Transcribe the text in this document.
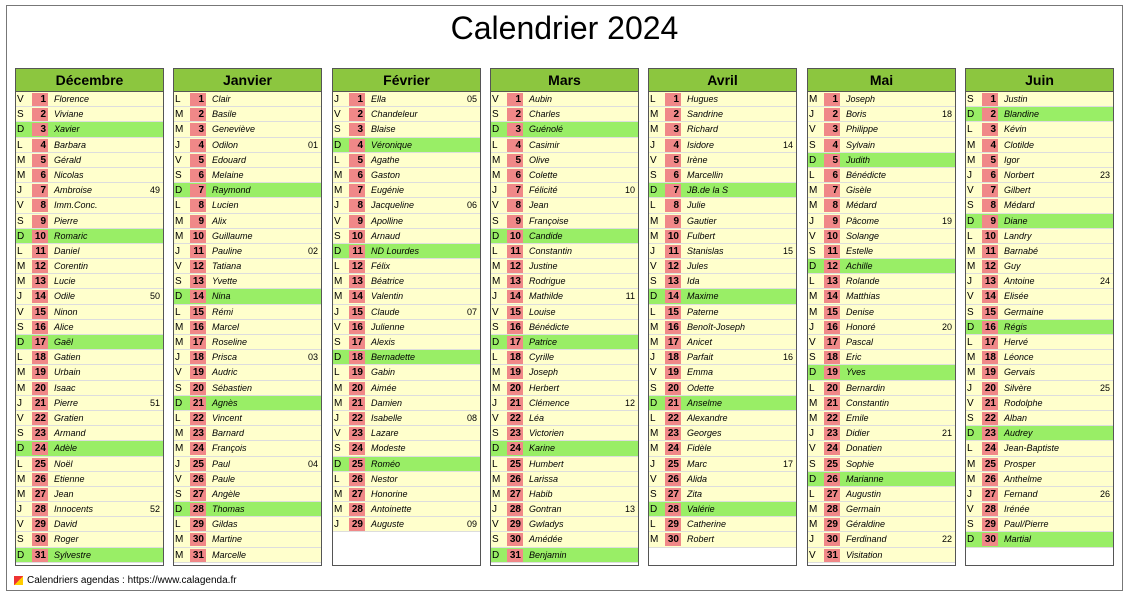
Calendrier 2024
Décembre
V	1 Florence
S	2 Viviane
D	3 Xavier
L	4 Barbara
M	5 Gérald
M	6 Nicolas
J	7 Ambroise	49
V	8 Imm.Conc.
S	9 Pierre
D	10 Romaric
L	11 Daniel
M 12 Corentin
M 13 Lucie
J	14 Odile	50
V	15 Ninon
S	16 Alice
D	17 Gaël
L	18 Gatien
M 19 Urbain
M 20 Isaac
J	21 Pierre	51
V	22 Gratien
S	23 Armand
D	24 Adèle
L	25 Noël
M 26 Etienne
M 27 Jean
J	28 Innocents	52
V	29 David
S	30 Roger
D	31 Sylvestre
Janvier
L	1 Clair
M	2 Basile
M	3 Geneviève
J	4 Odilon	01
V	5 Edouard
S	6 Melaine
D	7 Raymond
L	8 Lucien
M	9 Alix
M 10 Guillaume
J	11 Pauline	02
V	12 Tatiana
S	13 Yvette
D	14 Nina
L	15 Rémi
M 16 Marcel
M 17 Roseline
J	18 Prisca	03
V	19 Audric
S	20 Sébastien
D	21 Agnès
L	22 Vincent
M 23 Barnard
M 24 François
J	25 Paul	04
V	26 Paule
S	27 Angèle
D	28 Thomas
L	29 Gildas
M 30 Martine
M 31 Marcelle
Février
J	1 Ella	05
V	2 Chandeleur
S	3 Blaise
D	4 Véronique
L	5 Agathe
M	6 Gaston
M	7 Eugénie
J	8 Jacqueline	06
V	9 Apolline
S	10 Arnaud
D	11 ND Lourdes
L	12 Félix
M 13 Béatrice
M 14 Valentin
J	15 Claude	07
V	16 Julienne
S	17 Alexis
D	18 Bernadette
L	19 Gabin
M 20 Aimée
M 21 Damien
J	22 Isabelle	08
V	23 Lazare
S	24 Modeste
D	25 Roméo
L	26 Nestor
M 27 Honorine
M 28 Antoinette
J	29 Auguste	09
Mars
V	1 Aubin
S	2 Charles
D	3 Guénolé
L	4 Casimir
M	5 Olive
M	6 Colette
J	7 Félicité	10
V	8 Jean
S	9 Françoise
D	10 Candide
L	11 Constantin
M 12 Justine
M 13 Rodrigue
J	14 Mathilde	11
V	15 Louise
S	16 Bénédicte
D	17 Patrice
L	18 Cyrille
M 19 Joseph
M 20 Herbert
J	21 Clémence	12
V	22 Léa
S	23 Victorien
D	24 Karine
L	25 Humbert
M 26 Larissa
M 27 Habib
J	28 Gontran	13
V	29 Gwladys
S	30 Amédée
D	31 Benjamin
Avril
L	1 Hugues
M	2 Sandrine
M	3 Richard
J	4 Isidore	14
V	5 Irène
S	6 Marcellin
D	7 JB.de la S
L	8 Julie
M	9 Gautier
M 10 Fulbert
J	11 Stanislas	15
V	12 Jules
S	13 Ida
D	14 Maxime
L	15 Paterne
M 16 Benoît-Joseph
M 17 Anicet
J	18 Parfait	16
V	19 Emma
S	20 Odette
D	21 Anselme
L	22 Alexandre
M 23 Georges
M 24 Fidèle
J	25 Marc	17
V	26 Alida
S	27 Zita
D	28 Valérie
L	29 Catherine
M 30 Robert
Mai
M	1 Joseph
J	2 Boris	18
V	3 Philippe
S	4 Sylvain
D	5 Judith
L	6 Bénédicte
M	7 Gisèle
M	8 Médard
J	9 Pâcome	19
V	10 Solange
S	11 Estelle
D	12 Achille
L	13 Rolande
M 14 Matthias
M 15 Denise
J	16 Honoré	20
V	17 Pascal
S	18 Eric
D	19 Yves
L	20 Bernardin
M 21 Constantin
M 22 Emile
J	23 Didier	21
V	24 Donatien
S	25 Sophie
D	26 Marianne
L	27 Augustin
M 28 Germain
M 29 Géraldine
J	30 Ferdinand	22
V	31 Visitation
Juin
S	1 Justin
D	2 Blandine
L	3 Kévin
M	4 Clotilde
M	5 Igor
J	6 Norbert	23
V	7 Gilbert
S	8 Médard
D	9 Diane
L	10 Landry
M	11 Barnabé
M 12 Guy
J	13 Antoine	24
V	14 Elisée
S	15 Germaine
D	16 Régis
L	17 Hervé
M 18 Léonce
M 19 Gervais
J	20 Silvère	25
V	21 Rodolphe
S	22 Alban
D	23 Audrey
L	24 Jean-Baptiste
M 25 Prosper
M 26 Anthelme
J	27 Fernand	26
V	28 Irénée
S	29 Paul/Pierre
D	30 Martial
Calendriers agendas : https://www.calagenda.fr
